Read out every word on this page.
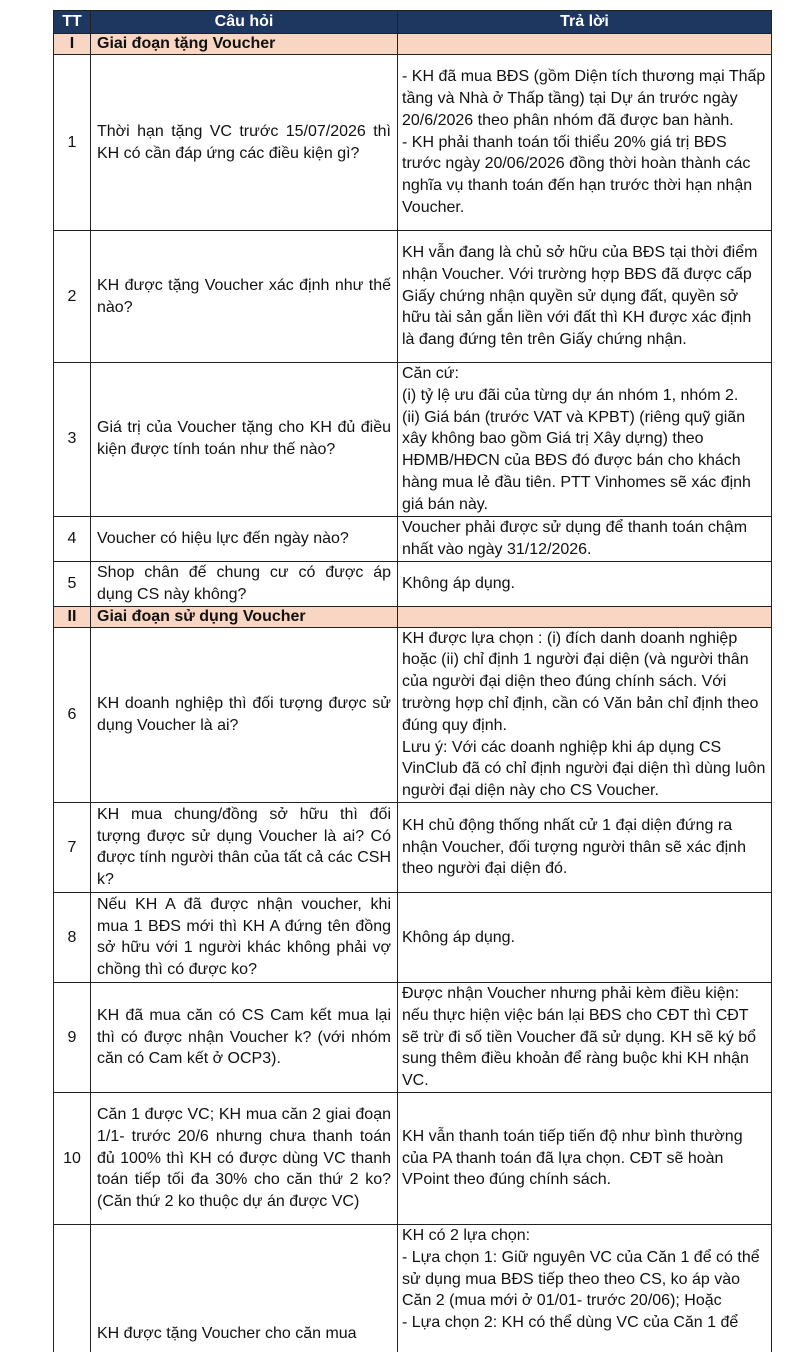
TT	Câu hỏi	Trả lời
I	Giai đoạn tặng Voucher	
1	Thời hạn tặng VC trước 15/07/2026 thì KH có cần đáp ứng các điều kiện gì?	- KH đã mua BĐS (gồm Diện tích thương mại Thấp tầng và Nhà ở Thấp tầng) tại Dự án trước ngày 20/6/2026 theo phân nhóm đã được ban hành.
- KH phải thanh toán tối thiểu 20% giá trị BĐS trước ngày 20/06/2026 đồng thời hoàn thành các nghĩa vụ thanh toán đến hạn trước thời hạn nhận Voucher.
2	KH được tặng Voucher xác định như thế nào?	KH vẫn đang là chủ sở hữu của BĐS tại thời điểm nhận Voucher. Với trường hợp BĐS đã được cấp Giấy chứng nhận quyền sử dụng đất, quyền sở hữu tài sản gắn liền với đất thì KH được xác định là đang đứng tên trên Giấy chứng nhận.
3	Giá trị của Voucher tặng cho KH đủ điều kiện được tính toán như thế nào?	Căn cứ:
(i) tỷ lệ ưu đãi của từng dự án nhóm 1, nhóm 2.
(ii) Giá bán (trước VAT và KPBT) (riêng quỹ giãn xây không bao gồm Giá trị Xây dựng) theo HĐMB/HĐCN của BĐS đó được bán cho khách hàng mua lẻ đầu tiên. PTT Vinhomes sẽ xác định giá bán này.
4	Voucher có hiệu lực đến ngày nào?	Voucher phải được sử dụng để thanh toán chậm nhất vào ngày 31/12/2026.
5	Shop chân đế chung cư có được áp dụng CS này không?	Không áp dụng.
II	Giai đoạn sử dụng Voucher	
6	KH doanh nghiệp thì đối tượng được sử dụng Voucher là ai?	KH được lựa chọn : (i) đích danh doanh nghiệp hoặc (ii) chỉ định 1 người đại diện (và người thân của người đại diện theo đúng chính sách. Với trường hợp chỉ định, cần có Văn bản chỉ định theo đúng quy định.
Lưu ý: Với các doanh nghiệp khi áp dụng CS VinClub đã có chỉ định người đại diện thì dùng luôn người đại diện này cho CS Voucher.
7	KH mua chung/đồng sở hữu thì đối tượng được sử dụng Voucher là ai? Có được tính người thân của tất cả các CSH k?	KH chủ động thống nhất cử 1 đại diện đứng ra nhận Voucher, đối tượng người thân sẽ xác định theo người đại diện đó.
8	Nếu KH A đã được nhận voucher, khi mua 1 BĐS mới thì KH A đứng tên đồng sở hữu với 1 người khác không phải vợ chồng thì có được ko?	Không áp dụng.
9	KH đã mua căn có CS Cam kết mua lại thì có được nhận Voucher k? (với nhóm căn có Cam kết ở OCP3).	Được nhận Voucher nhưng phải kèm điều kiện: nếu thực hiện việc bán lại BĐS cho CĐT thì CĐT sẽ trừ đi số tiền Voucher đã sử dụng. KH sẽ ký bổ sung thêm điều khoản để ràng buộc khi KH nhận VC.
10	Căn 1 được VC; KH mua căn 2 giai đoạn 1/1- trước 20/6 nhưng chưa thanh toán đủ 100% thì KH có được dùng VC thanh toán tiếp tối đa 30% cho căn thứ 2 ko? (Căn thứ 2 ko thuộc dự án được VC)	KH vẫn thanh toán tiếp tiến độ như bình thường của PA thanh toán đã lựa chọn. CĐT sẽ hoàn VPoint theo đúng chính sách.
	KH được tặng Voucher cho căn mua	KH có 2 lựa chọn:
- Lựa chọn 1: Giữ nguyên VC của Căn 1 để có thể sử dụng mua BĐS tiếp theo theo CS, ko áp vào Căn 2 (mua mới ở 01/01- trước 20/06); Hoặc
- Lựa chọn 2: KH có thể dùng VC của Căn 1 để
